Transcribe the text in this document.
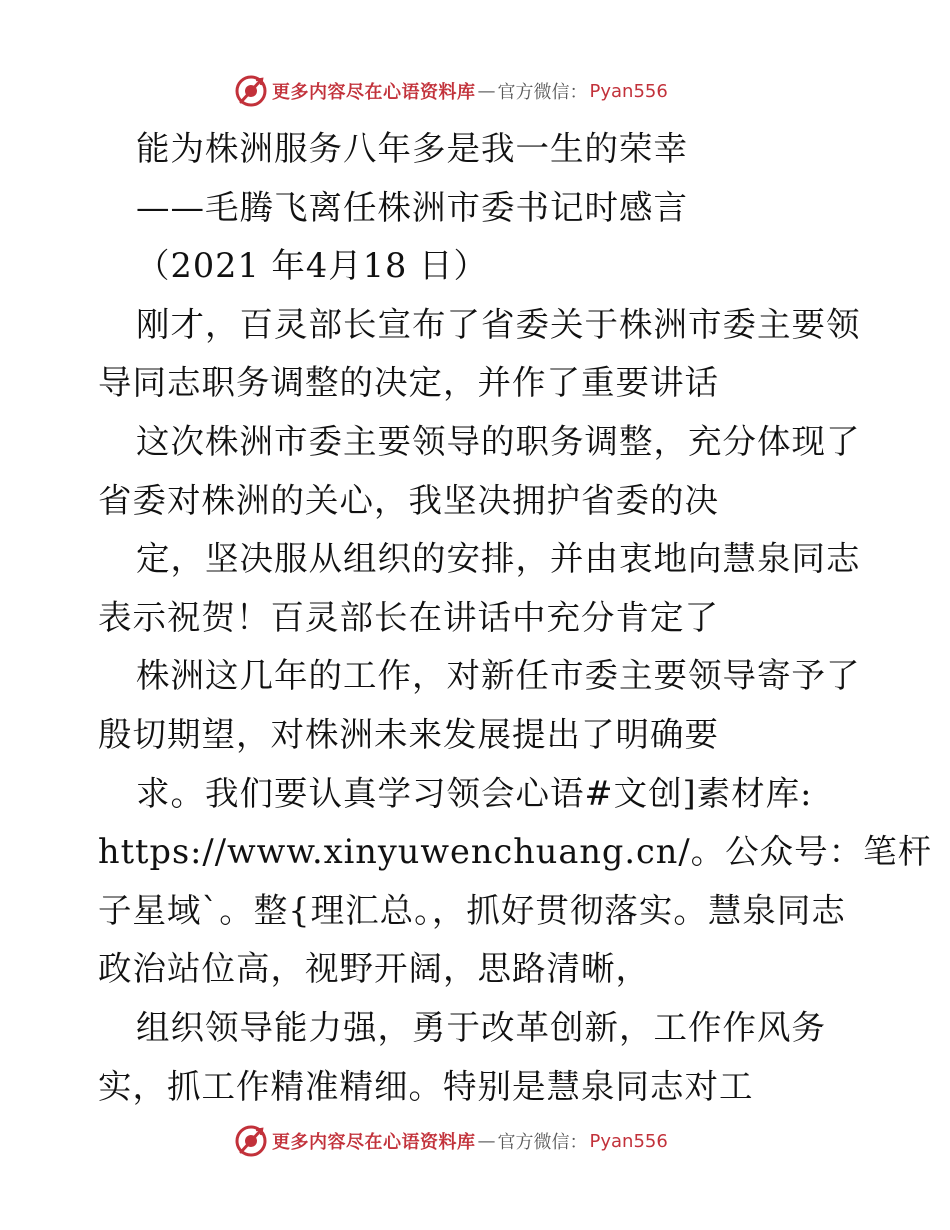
更多内容尽在心语资料库 — 官方微信： Pyan556
能为株洲服务八年多是我一生的荣幸
——毛腾飞离任株洲市委书记时感言
（2021 年4月18 日）
刚才，百灵部长宣布了省委关于株洲市委主要领
导同志职务调整的决定，并作了重要讲话
这次株洲市委主要领导的职务调整，充分体现了
省委对株洲的关心，我坚决拥护省委的决
定，坚决服从组织的安排，并由衷地向慧泉同志
表示祝贺！百灵部长在讲话中充分肯定了
株洲这几年的工作，对新任市委主要领导寄予了
殷切期望，对株洲未来发展提出了明确要
求。我们要认真学习领会心语#文创]素材库:
https://www.xinyuwenchuang.cn/。公众号：笔杆
子星域`。整{理汇总。，抓好贯彻落实。慧泉同志
政治站位高，视野开阔，思路清晰，
组织领导能力强，勇于改革创新，工作作风务
实，抓工作精准精细。特别是慧泉同志对工
更多内容尽在心语资料库 — 官方微信： Pyan556
